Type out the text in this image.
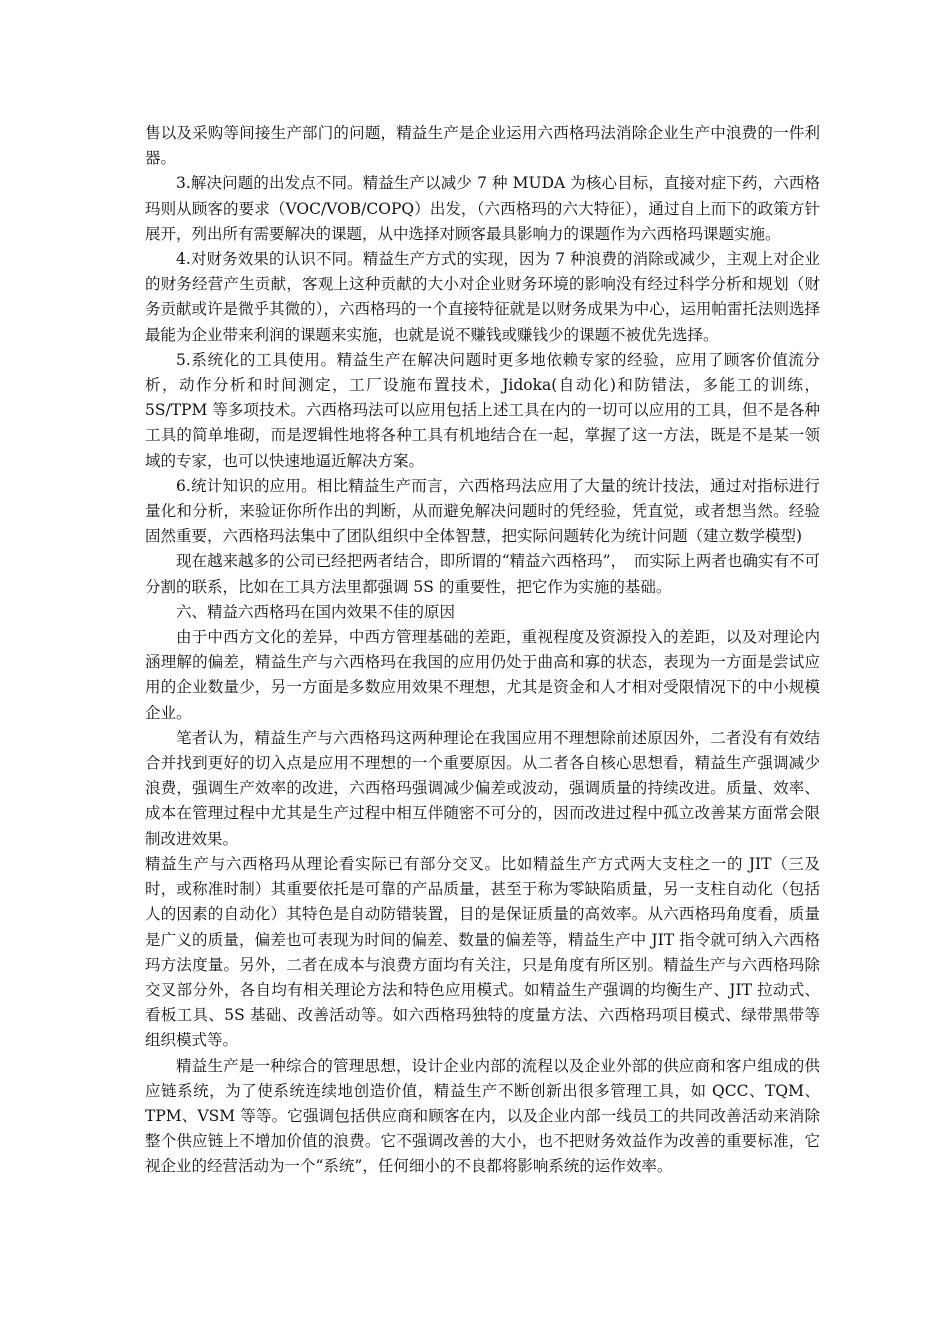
售以及采购等间接生产部门的问题，精益生产是企业运用六西格玛法消除企业生产中浪费的一件利器。

3.解决问题的出发点不同。精益生产以减少 7 种 MUDA 为核心目标，直接对症下药，六西格玛则从顾客的要求（VOC/VOB/COPQ）出发，（六西格玛的六大特征），通过自上而下的政策方针展开，列出所有需要解决的课题，从中选择对顾客最具影响力的课题作为六西格玛课题实施。

4.对财务效果的认识不同。精益生产方式的实现，因为 7 种浪费的消除或减少，主观上对企业的财务经营产生贡献，客观上这种贡献的大小对企业财务环境的影响没有经过科学分析和规划（财务贡献或许是微乎其微的），六西格玛的一个直接特征就是以财务成果为中心，运用帕雷托法则选择最能为企业带来利润的课题来实施，也就是说不赚钱或赚钱少的课题不被优先选择。

5.系统化的工具使用。精益生产在解决问题时更多地依赖专家的经验，应用了顾客价值流分析，动作分析和时间测定，工厂设施布置技术，Jidoka(自动化)和防错法，多能工的训练，5S/TPM 等多项技术。六西格玛法可以应用包括上述工具在内的一切可以应用的工具，但不是各种工具的简单堆砌，而是逻辑性地将各种工具有机地结合在一起，掌握了这一方法，既是不是某一领域的专家，也可以快速地逼近解决方案。

6.统计知识的应用。相比精益生产而言，六西格玛法应用了大量的统计技法，通过对指标进行量化和分析，来验证你所作出的判断，从而避免解决问题时的凭经验，凭直觉，或者想当然。经验固然重要，六西格玛法集中了团队组织中全体智慧，把实际问题转化为统计问题（建立数学模型)

现在越来越多的公司已经把两者结合，即所谓的“精益六西格玛”，　而实际上两者也确实有不可分割的联系，比如在工具方法里都强调 5S 的重要性，把它作为实施的基础。

六、精益六西格玛在国内效果不佳的原因

由于中西方文化的差异，中西方管理基础的差距，重视程度及资源投入的差距，以及对理论内涵理解的偏差，精益生产与六西格玛在我国的应用仍处于曲高和寡的状态，表现为一方面是尝试应用的企业数量少，另一方面是多数应用效果不理想，尤其是资金和人才相对受限情况下的中小规模企业。

笔者认为，精益生产与六西格玛这两种理论在我国应用不理想除前述原因外，二者没有有效结合并找到更好的切入点是应用不理想的一个重要原因。从二者各自核心思想看，精益生产强调减少浪费，强调生产效率的改进，六西格玛强调减少偏差或波动，强调质量的持续改进。质量、效率、成本在管理过程中尤其是生产过程中相互伴随密不可分的，因而改进过程中孤立改善某方面常会限制改进效果。

精益生产与六西格玛从理论看实际已有部分交叉。比如精益生产方式两大支柱之一的 JIT（三及时，或称准时制）其重要依托是可靠的产品质量，甚至于称为零缺陷质量，另一支柱自动化（包括人的因素的自动化）其特色是自动防错装置，目的是保证质量的高效率。从六西格玛角度看，质量是广义的质量，偏差也可表现为时间的偏差、数量的偏差等，精益生产中 JIT 指令就可纳入六西格玛方法度量。另外，二者在成本与浪费方面均有关注，只是角度有所区别。精益生产与六西格玛除交叉部分外，各自均有相关理论方法和特色应用模式。如精益生产强调的均衡生产、JIT 拉动式、看板工具、5S 基础、改善活动等。如六西格玛独特的度量方法、六西格玛项目模式、绿带黑带等组织模式等。

精益生产是一种综合的管理思想，设计企业内部的流程以及企业外部的供应商和客户组成的供应链系统，为了使系统连续地创造价值，精益生产不断创新出很多管理工具，如 QCC、TQM、TPM、VSM 等等。它强调包括供应商和顾客在内，以及企业内部一线员工的共同改善活动来消除整个供应链上不增加价值的浪费。它不强调改善的大小，也不把财务效益作为改善的重要标准，它视企业的经营活动为一个“系统”，任何细小的不良都将影响系统的运作效率。
